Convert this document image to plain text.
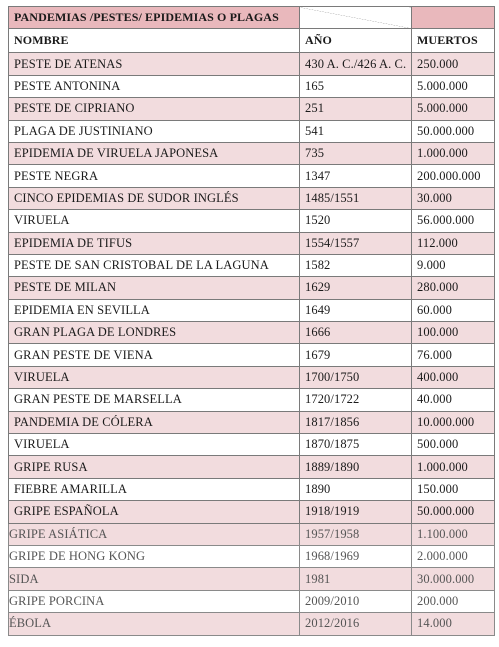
PANDEMIAS /PESTES/ EPIDEMIAS O PLAGAS		
NOMBRE	AÑO	MUERTOS
PESTE DE ATENAS	430 A. C./426 A. C.	250.000
PESTE ANTONINA	165	5.000.000
PESTE DE CIPRIANO	251	5.000.000
PLAGA DE JUSTINIANO	541	50.000.000
EPIDEMIA DE VIRUELA JAPONESA	735	1.000.000
PESTE NEGRA	1347	200.000.000
CINCO EPIDEMIAS DE SUDOR INGLÉS	1485/1551	30.000
VIRUELA	1520	56.000.000
EPIDEMIA DE TIFUS	1554/1557	112.000
PESTE DE SAN CRISTOBAL DE LA LAGUNA	1582	9.000
PESTE DE MILAN	1629	280.000
EPIDEMIA EN SEVILLA	1649	60.000
GRAN PLAGA DE LONDRES	1666	100.000
GRAN PESTE DE VIENA	1679	76.000
VIRUELA	1700/1750	400.000
GRAN PESTE DE MARSELLA	1720/1722	40.000
PANDEMIA DE CÓLERA	1817/1856	10.000.000
VIRUELA	1870/1875	500.000
GRIPE RUSA	1889/1890	1.000.000
FIEBRE AMARILLA	1890	150.000
GRIPE ESPAÑOLA	1918/1919	50.000.000
GRIPE ASIÁTICA	1957/1958	1.100.000
GRIPE DE HONG KONG	1968/1969	2.000.000
SIDA	1981	30.000.000
GRIPE PORCINA	2009/2010	200.000
ÉBOLA	2012/2016	14.000
